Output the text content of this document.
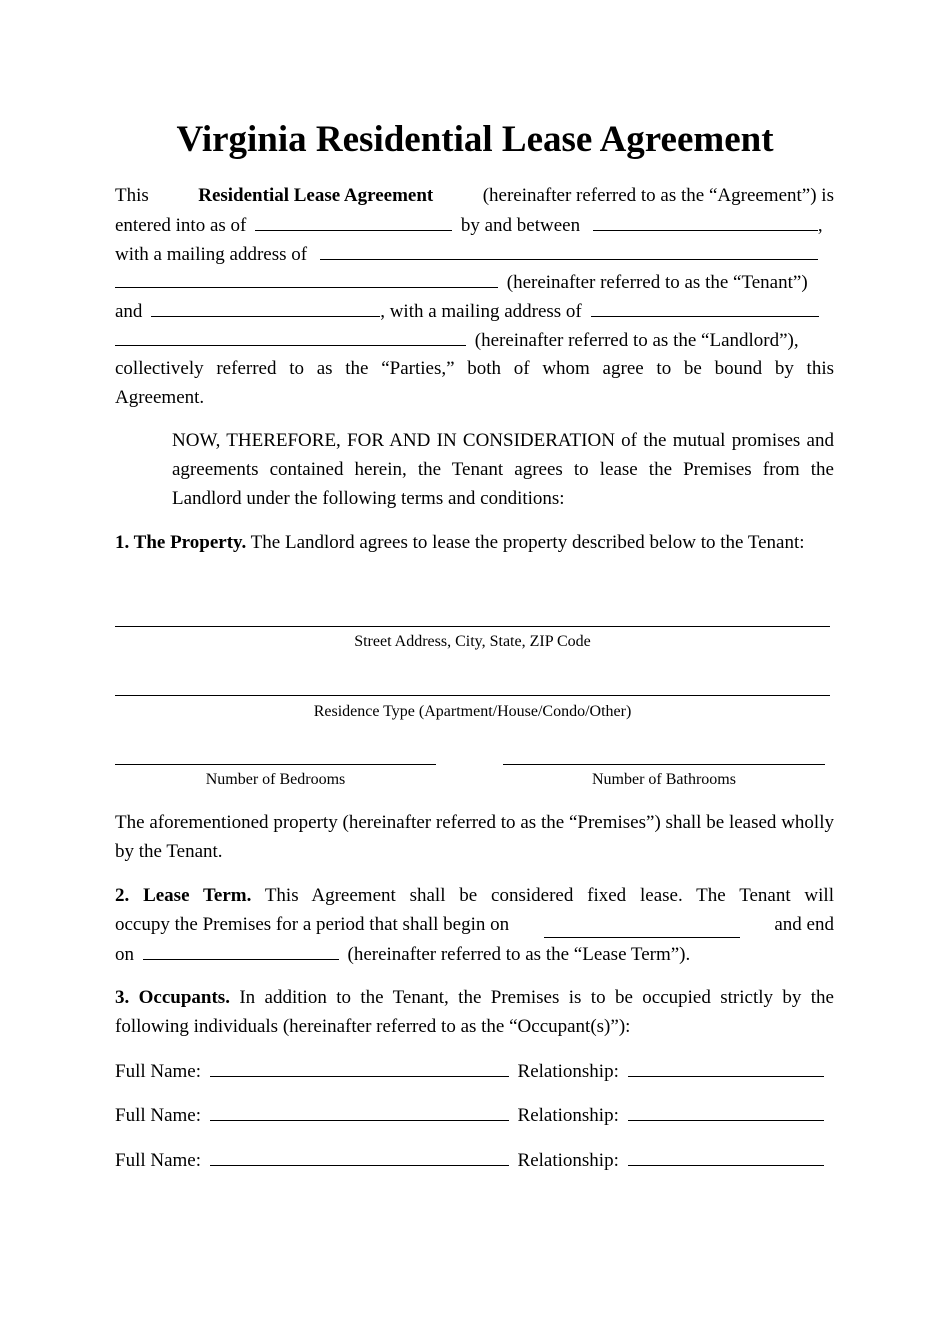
Virginia Residential Lease Agreement
This	Residential Lease Agreement	(hereinafter referred to as the “Agreement”) is
entered into as of	by and between	,
with a mailing address of
(hereinafter referred to as the “Tenant”)
and	, with a mailing address of
(hereinafter referred to as the “Landlord”),
collectively referred to as the “Parties,” both of whom agree to be bound by this
Agreement.
NOW, THEREFORE, FOR AND IN CONSIDERATION of the mutual promises and agreements contained herein, the Tenant agrees to lease the Premises from the Landlord under the following terms and conditions:
1. The Property. The Landlord agrees to lease the property described below to the Tenant:
Street Address, City, State, ZIP Code
Residence Type (Apartment/House/Condo/Other)
Number of Bedrooms	Number of Bathrooms
The aforementioned property (hereinafter referred to as the “Premises”) shall be leased wholly by the Tenant.
2. Lease Term. This Agreement shall be considered fixed lease. The Tenant will
occupy the Premises for a period that shall begin on	and end
on	(hereinafter referred to as the “Lease Term”).
3. Occupants. In addition to the Tenant, the Premises is to be occupied strictly by the following individuals (hereinafter referred to as the “Occupant(s)”):
Full Name:	Relationship:
Full Name:	Relationship:
Full Name:	Relationship:
